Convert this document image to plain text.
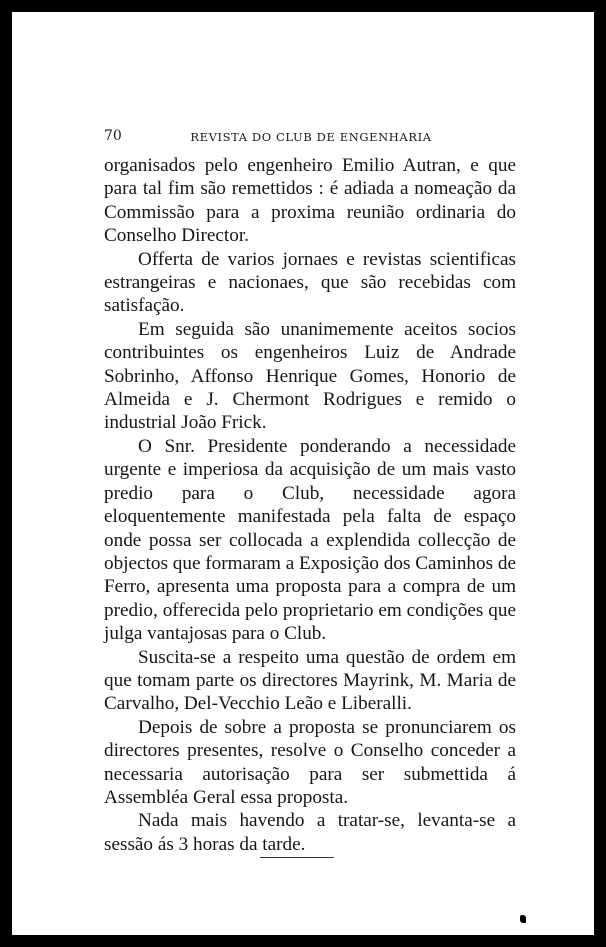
70	REVISTA DO CLUB DE ENGENHARIA

organisados pelo engenheiro Emilio Autran, e que para tal fim são remettidos : é adiada a nomeação da Commissão para a proxima reunião ordinaria do Conselho Director.

Offerta de varios jornaes e revistas scientificas estrangeiras e nacionaes, que são recebidas com satisfação.

Em seguida são unanimemente aceitos socios contribuintes os engenheiros Luiz de Andrade Sobrinho, Affonso Henrique Gomes, Honorio de Almeida e J. Chermont Rodrigues e remido o industrial João Frick.

O Snr. Presidente ponderando a necessidade urgente e imperiosa da acquisição de um mais vasto predio para o Club, necessidade agora eloquentemente manifestada pela falta de espaço onde possa ser collocada a explendida collecção de objectos que formaram a Exposição dos Caminhos de Ferro, apresenta uma proposta para a compra de um predio, offerecida pelo proprietario em condições que julga vantajosas para o Club.

Suscita-se a respeito uma questão de ordem em que tomam parte os directores Mayrink, M. Maria de Carvalho, Del-Vecchio Leão e Liberalli.

Depois de sobre a proposta se pronunciarem os directores presentes, resolve o Conselho conceder a necessaria autorisação para ser submettida á Assembléa Geral essa proposta.

Nada mais havendo a tratar-se, levanta-se a sessão ás 3 horas da tarde.
